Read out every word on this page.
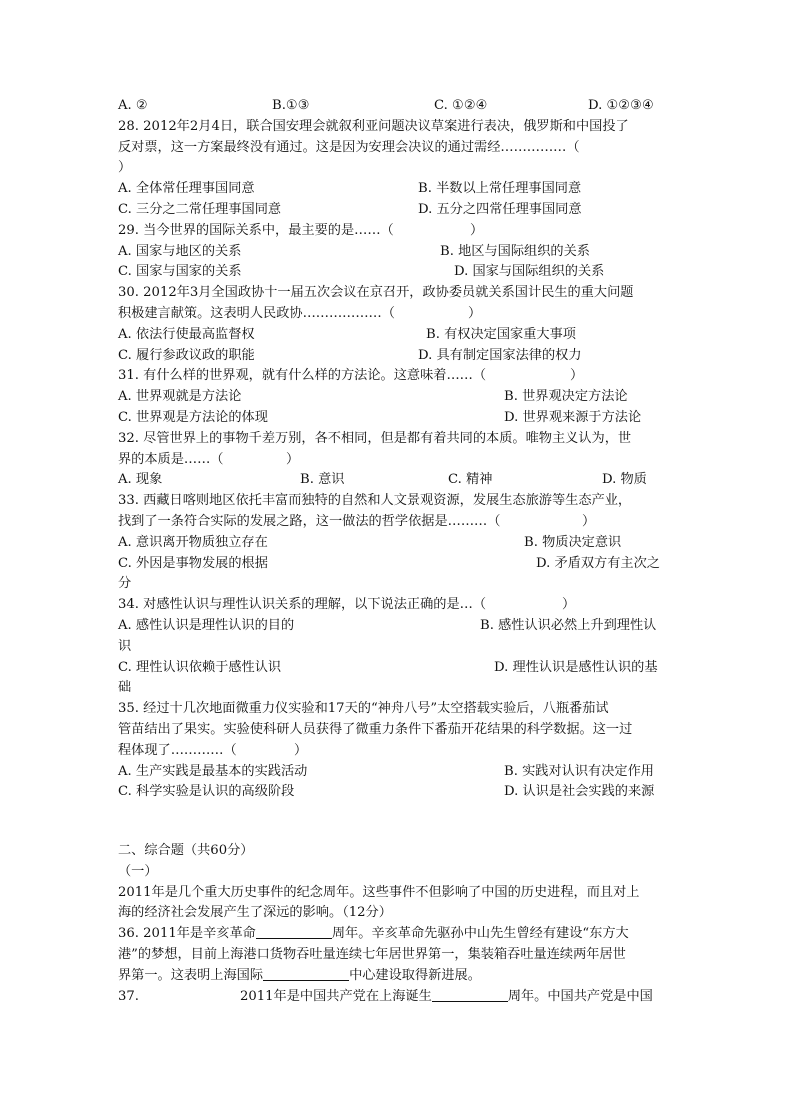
A. ②	B.①③	C. ①②④	D. ①②③④
28. 2012年2月4日，联合国安理会就叙利亚问题决议草案进行表决，俄罗斯和中国投了
反对票，这一方案最终没有通过。这是因为安理会决议的通过需经……………（
）
A. 全体常任理事国同意	B. 半数以上常任理事国同意
C. 三分之二常任理事国同意	D. 五分之四常任理事国同意
29. 当今世界的国际关系中，最主要的是……（	）
A. 国家与地区的关系	B. 地区与国际组织的关系
C. 国家与国家的关系	D. 国家与国际组织的关系
30. 2012年3月全国政协十一届五次会议在京召开，政协委员就关系国计民生的重大问题
积极建言献策。这表明人民政协………………（	）
A. 依法行使最高监督权	B. 有权决定国家重大事项
C. 履行参政议政的职能	D. 具有制定国家法律的权力
31. 有什么样的世界观，就有什么样的方法论。这意味着……（	）
A. 世界观就是方法论	B. 世界观决定方法论
C. 世界观是方法论的体现	D. 世界观来源于方法论
32. 尽管世界上的事物千差万别，各不相同，但是都有着共同的本质。唯物主义认为，世
界的本质是……（	）
A. 现象	B. 意识	C. 精神	D. 物质
33. 西藏日喀则地区依托丰富而独特的自然和人文景观资源，发展生态旅游等生态产业，
找到了一条符合实际的发展之路，这一做法的哲学依据是………（	）
A. 意识离开物质独立存在	B. 物质决定意识
C. 外因是事物发展的根据	D. 矛盾双方有主次之
分
34. 对感性认识与理性认识关系的理解，以下说法正确的是…（	）
A. 感性认识是理性认识的目的	B. 感性认识必然上升到理性认
识
C. 理性认识依赖于感性认识	D. 理性认识是感性认识的基
础
35. 经过十几次地面微重力仪实验和17天的“神舟八号”太空搭载实验后，八瓶番茄试
管苗结出了果实。实验使科研人员获得了微重力条件下番茄开花结果的科学数据。这一过
程体现了…………（	）
A. 生产实践是最基本的实践活动	B. 实践对认识有决定作用
C. 科学实验是认识的高级阶段	D. 认识是社会实践的来源
二、综合题（共60分）
（一）
2011年是几个重大历史事件的纪念周年。这些事件不但影响了中国的历史进程，而且对上
海的经济社会发展产生了深远的影响。（12分）
36. 2011年是辛亥革命	周年。辛亥革命先驱孙中山先生曾经有建设“东方大
港”的梦想，目前上海港口货物吞吐量连续七年居世界第一，集装箱吞吐量连续两年居世
界第一。这表明上海国际	中心建设取得新进展。
37.	2011年是中国共产党在上海诞生	周年。中国共产党是中国
